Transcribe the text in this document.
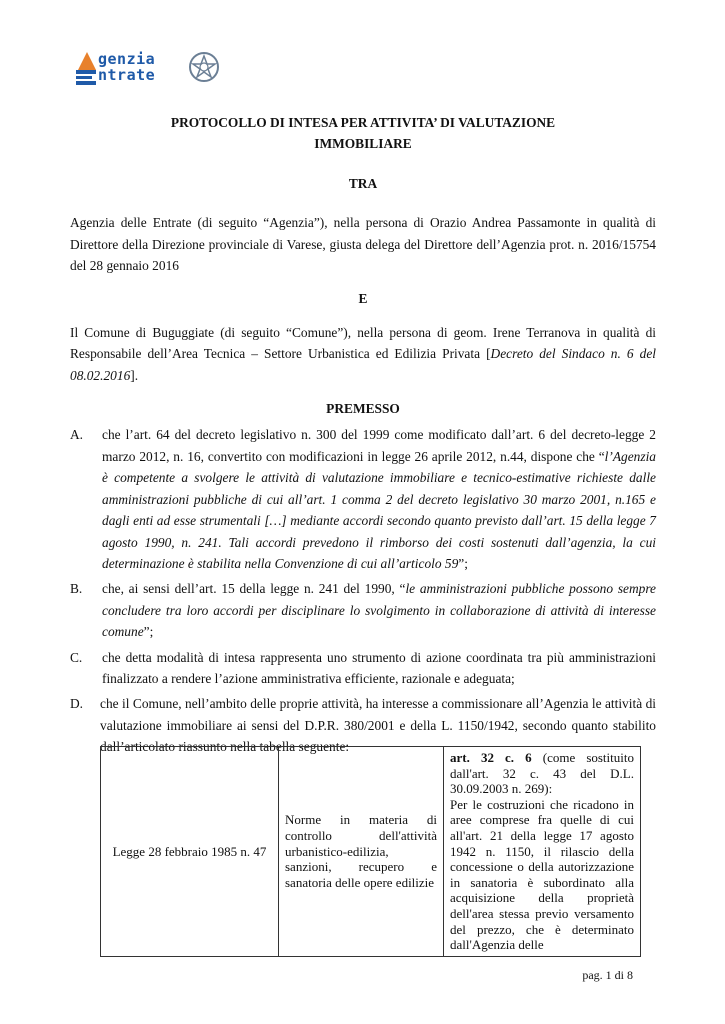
genzia
ntrate

PROTOCOLLO DI INTESA PER ATTIVITA’ DI VALUTAZIONE

IMMOBILIARE

TRA

Agenzia delle Entrate (di seguito “Agenzia”), nella persona di Orazio Andrea Passamonte in qualità di Direttore della Direzione provinciale di Varese, giusta delega del Direttore dell’Agenzia prot. n. 2016/15754 del 28 gennaio 2016

E

Il Comune di Buguggiate (di seguito “Comune”), nella persona di geom. Irene Terranova in qualità di Responsabile dell’Area Tecnica – Settore Urbanistica ed Edilizia Privata [Decreto del Sindaco n. 6 del 08.02.2016].

PREMESSO

A.	che l’art. 64 del decreto legislativo n. 300 del 1999 come modificato dall’art. 6 del decreto-legge 2 marzo 2012, n. 16, convertito con modificazioni in legge 26 aprile 2012, n.44, dispone che “l’Agenzia è competente a svolgere le attività di valutazione immobiliare e tecnico-estimative richieste dalle amministrazioni pubbliche di cui all’art. 1 comma 2 del decreto legislativo 30 marzo 2001, n.165 e dagli enti ad esse strumentali […] mediante accordi secondo quanto previsto dall’art. 15 della legge 7 agosto 1990, n. 241. Tali accordi prevedono il rimborso dei costi sostenuti dall’agenzia, la cui determinazione è stabilita nella Convenzione di cui all’articolo 59”;
B.	che, ai sensi dell’art. 15 della legge n. 241 del 1990, “le amministrazioni pubbliche possono sempre concludere tra loro accordi per disciplinare lo svolgimento in collaborazione di attività di interesse comune”;
C.	che detta modalità di intesa rappresenta uno strumento di azione coordinata tra più amministrazioni finalizzato a rendere l’azione amministrativa efficiente, razionale e adeguata;
D.	che il Comune, nell’ambito delle proprie attività, ha interesse a commissionare all’Agenzia le attività di valutazione immobiliare ai sensi del D.P.R. 380/2001 e della L. 1150/1942, secondo quanto stabilito dall’articolato riassunto nella tabella seguente:
Legge 28 febbraio 1985 n. 47	Norme in materia di controllo dell'attività urbanistico-edilizia, sanzioni, recupero e sanatoria delle opere edilizie	art. 32 c. 6 (come sostituito dall'art. 32 c. 43 del D.L. 30.09.2003 n. 269):
Per le costruzioni che ricadono in aree comprese fra quelle di cui all'art. 21 della legge 17 agosto 1942 n. 1150, il rilascio della concessione o della autorizzazione in sanatoria è subordinato alla acquisizione della proprietà dell'area stessa previo versamento del prezzo, che è determinato dall'Agenzia delle
pag. 1 di 8
